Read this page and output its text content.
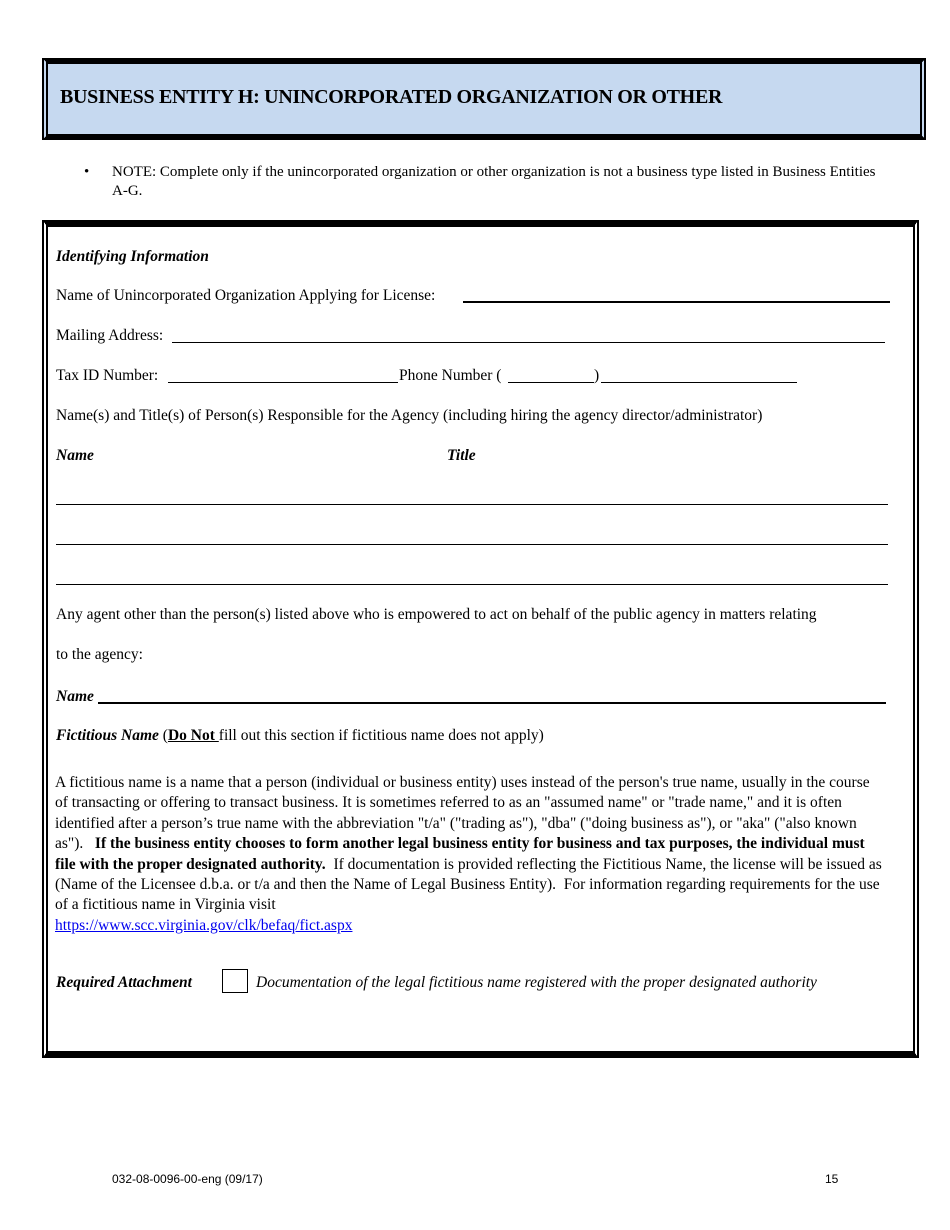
BUSINESS ENTITY H: UNINCORPORATED ORGANIZATION OR OTHER
• NOTE: Complete only if the unincorporated organization or other organization is not a business type listed in Business Entities A-G.
Identifying Information
Name of Unincorporated Organization Applying for License:
Mailing Address:
Tax ID Number:	Phone Number (	)
Name(s) and Title(s) of Person(s) Responsible for the Agency (including hiring the agency director/administrator)
Name	Title
Any agent other than the person(s) listed above who is empowered to act on behalf of the public agency in matters relating
to the agency:
Name
Fictitious Name (Do Not fill out this section if fictitious name does not apply)
A fictitious name is a name that a person (individual or business entity) uses instead of the person's true name, usually in the course of transacting or offering to transact business. It is sometimes referred to as an "assumed name" or "trade name," and it is often identified after a person’s true name with the abbreviation "t/a" ("trading as"), "dba" ("doing business as"), or "aka" ("also known as").   If the business entity chooses to form another legal business entity for business and tax purposes, the individual must file with the proper designated authority.  If documentation is provided reflecting the Fictitious Name, the license will be issued as (Name of the Licensee d.b.a. or t/a and then the Name of Legal Business Entity).  For information regarding requirements for the use of a fictitious name in Virginia visit
https://www.scc.virginia.gov/clk/befaq/fict.aspx
Required Attachment	Documentation of the legal fictitious name registered with the proper designated authority
032-08-0096-00-eng (09/17)	15
